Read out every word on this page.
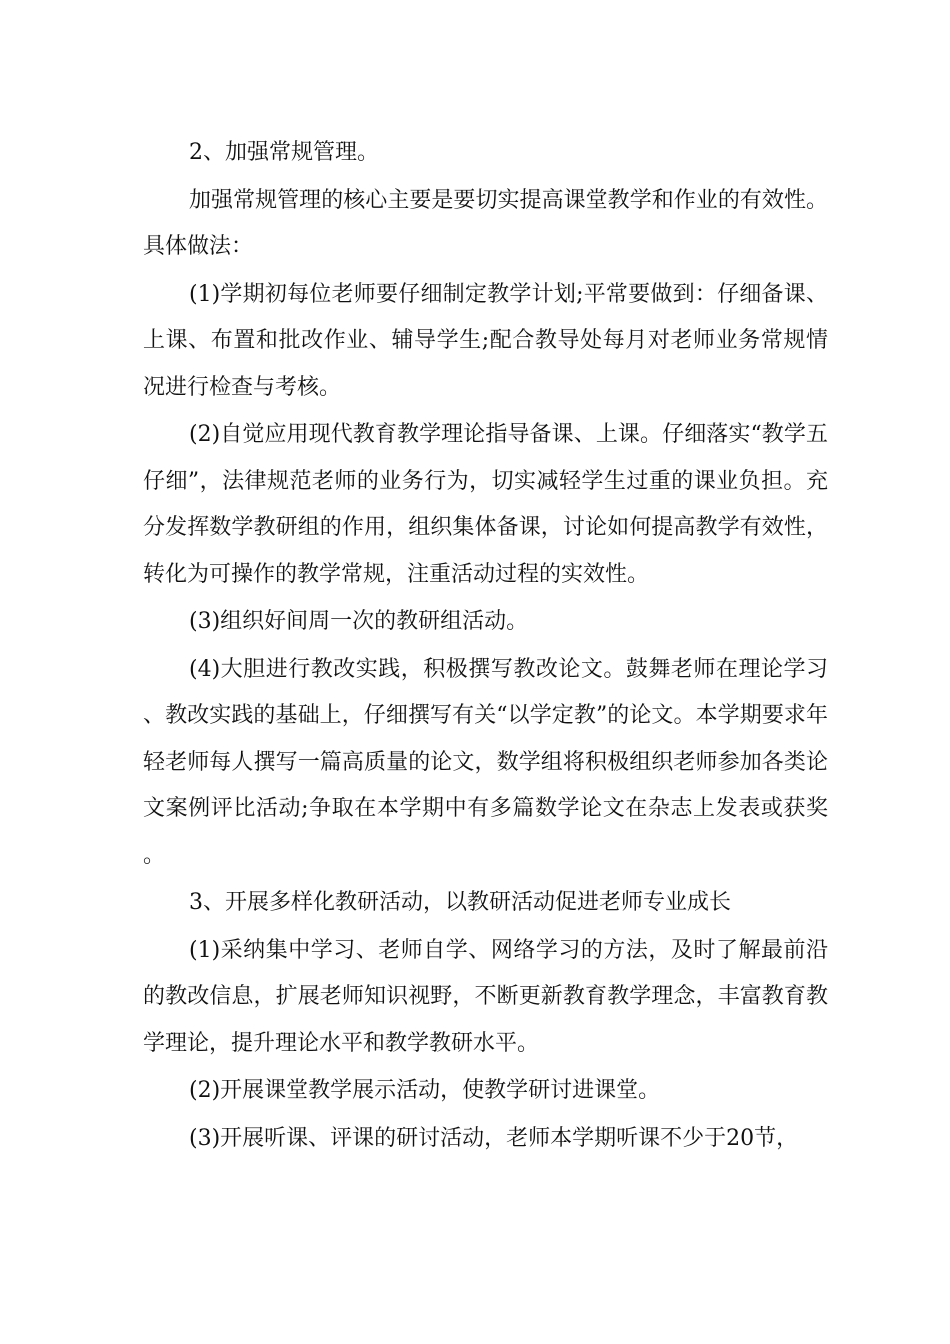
2、加强常规管理。

加强常规管理的核心主要是要切实提高课堂教学和作业的有效性。具体做法：

(1)学期初每位老师要仔细制定教学计划;平常要做到：仔细备课、上课、布置和批改作业、辅导学生;配合教导处每月对老师业务常规情况进行检查与考核。

(2)自觉应用现代教育教学理论指导备课、上课。仔细落实“教学五仔细”，法律规范老师的业务行为，切实减轻学生过重的课业负担。充分发挥数学教研组的作用，组织集体备课，讨论如何提高教学有效性，转化为可操作的教学常规，注重活动过程的实效性。

(3)组织好间周一次的教研组活动。

(4)大胆进行教改实践，积极撰写教改论文。鼓舞老师在理论学习、教改实践的基础上，仔细撰写有关“以学定教”的论文。本学期要求年轻老师每人撰写一篇高质量的论文，数学组将积极组织老师参加各类论文案例评比活动;争取在本学期中有多篇数学论文在杂志上发表或获奖。

3、开展多样化教研活动，以教研活动促进老师专业成长

(1)采纳集中学习、老师自学、网络学习的方法，及时了解最前沿的教改信息，扩展老师知识视野，不断更新教育教学理念，丰富教育教学理论，提升理论水平和教学教研水平。

(2)开展课堂教学展示活动，使教学研讨进课堂。

(3)开展听课、评课的研讨活动，老师本学期听课不少于20节，
